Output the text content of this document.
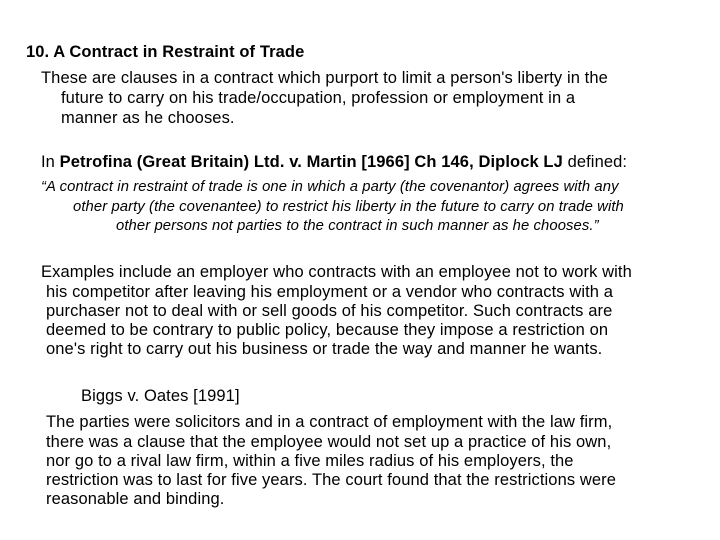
10. A Contract in Restraint of Trade
These are clauses in a contract which purport to limit a person's liberty in the
future to carry on his trade/occupation, profession or employment in a
manner as he chooses.
In Petrofina (Great Britain) Ltd. v. Martin [1966] Ch 146, Diplock LJ defined:
“A contract in restraint of trade is one in which a party (the covenantor) agrees with any
other party (the covenantee) to restrict his liberty in the future to carry on trade with
other persons not parties to the contract in such manner as he chooses.”
Examples include an employer who contracts with an employee not to work with
his competitor after leaving his employment or a vendor who contracts with a
purchaser not to deal with or sell goods of his competitor. Such contracts are
deemed to be contrary to public policy, because they impose a restriction on
one's right to carry out his business or trade the way and manner he wants.
Biggs v. Oates [1991]
The parties were solicitors and in a contract of employment with the law firm,
there was a clause that the employee would not set up a practice of his own,
nor go to a rival law firm, within a five miles radius of his employers, the
restriction was to last for five years. The court found that the restrictions were
reasonable and binding.
